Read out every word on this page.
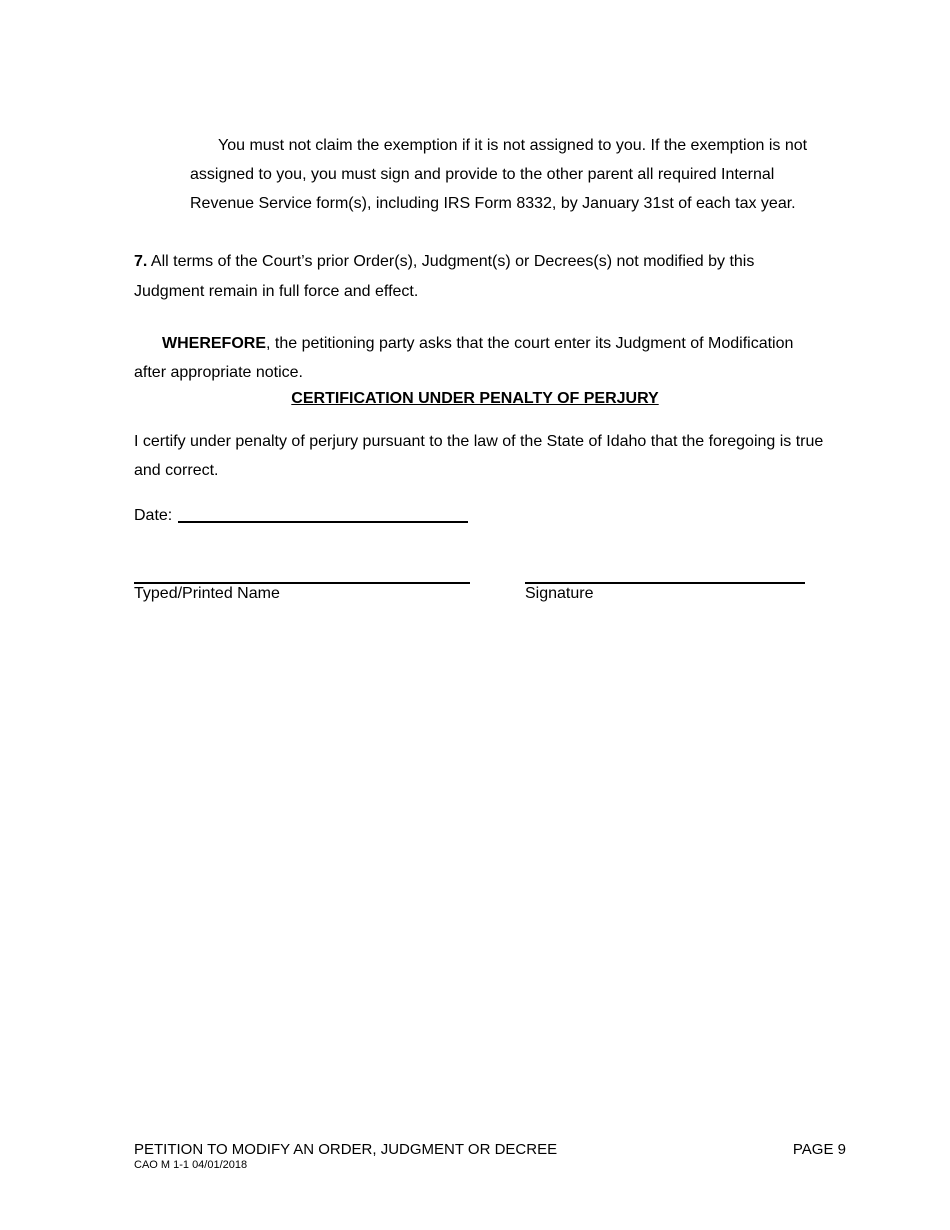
You must not claim the exemption if it is not assigned to you. If the exemption is not assigned to you, you must sign and provide to the other parent all required Internal Revenue Service form(s), including IRS Form 8332, by January 31st of each tax year.

7. All terms of the Court’s prior Order(s), Judgment(s) or Decrees(s) not modified by this Judgment remain in full force and effect.

WHEREFORE, the petitioning party asks that the court enter its Judgment of Modification after appropriate notice.

CERTIFICATION UNDER PENALTY OF PERJURY

I certify under penalty of perjury pursuant to the law of the State of Idaho that the foregoing is true and correct.

Date:

Typed/Printed Name	Signature

PETITION TO MODIFY AN ORDER, JUDGMENT OR DECREE	PAGE 9

CAO M 1-1 04/01/2018
